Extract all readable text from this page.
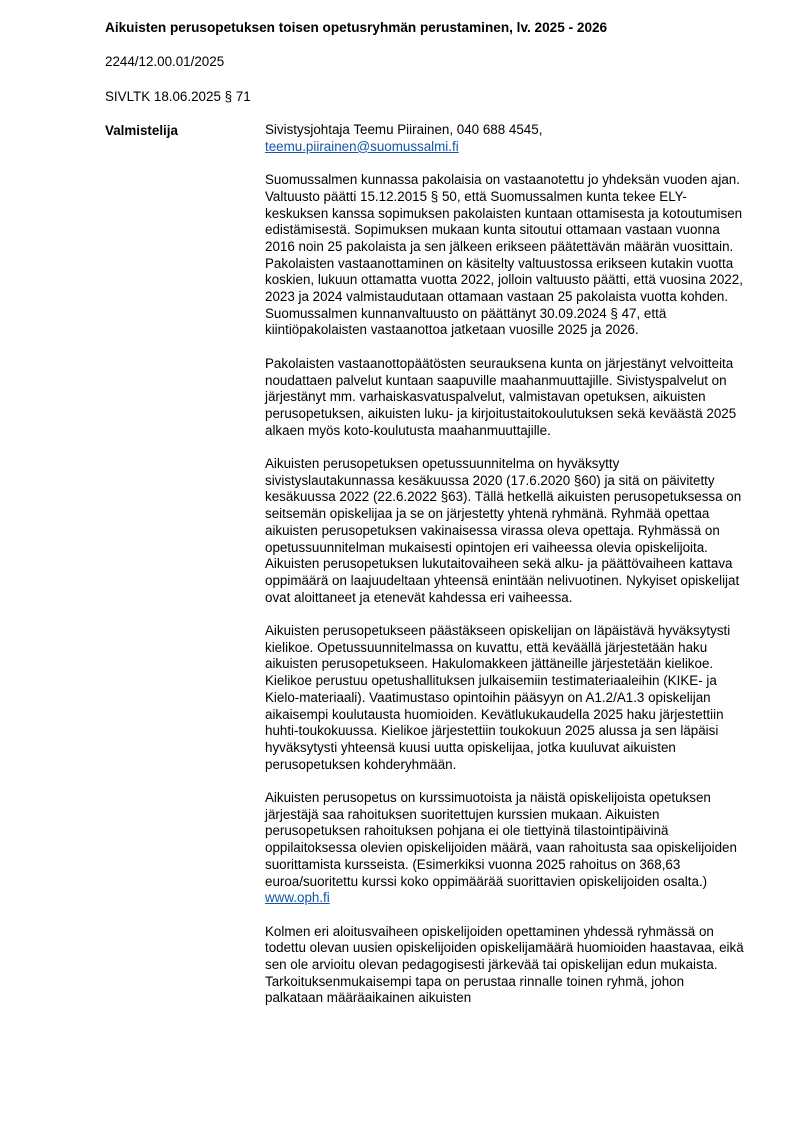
Aikuisten perusopetuksen toisen opetusryhmän perustaminen, lv. 2025 - 2026

2244/12.00.01/2025

SIVLTK 18.06.2025 § 71

Valmistelija	Sivistysjohtaja Teemu Piirainen, 040 688 4545,
teemu.piirainen@suomussalmi.fi

Suomussalmen kunnassa pakolaisia on vastaanotettu jo yhdeksän vuoden ajan. Valtuusto päätti 15.12.2015 § 50, että Suomussalmen kunta tekee ELY-keskuksen kanssa sopimuksen pakolaisten kuntaan ottamisesta ja kotoutumisen edistämisestä. Sopimuksen mukaan kunta sitoutui ottamaan vastaan vuonna 2016 noin 25 pakolaista ja sen jälkeen erikseen päätettävän määrän vuosittain. Pakolaisten vastaanottaminen on käsitelty valtuustossa erikseen kutakin vuotta koskien, lukuun ottamatta vuotta 2022, jolloin valtuusto päätti, että vuosina 2022, 2023 ja 2024 valmistaudutaan ottamaan vastaan 25 pakolaista vuotta kohden. Suomussalmen kunnanvaltuusto on päättänyt 30.09.2024 § 47, että kiintiöpakolaisten vastaanottoa jatketaan vuosille 2025 ja 2026.

Pakolaisten vastaanottopäätösten seurauksena kunta on järjestänyt velvoitteita noudattaen palvelut kuntaan saapuville maahanmuuttajille. Sivistyspalvelut on järjestänyt mm. varhaiskasvatuspalvelut, valmistavan opetuksen, aikuisten perusopetuksen, aikuisten luku- ja kirjoitustaitokoulutuksen sekä keväästä 2025 alkaen myös koto-koulutusta maahanmuuttajille.

Aikuisten perusopetuksen opetussuunnitelma on hyväksytty sivistyslautakunnassa kesäkuussa 2020 (17.6.2020 §60) ja sitä on päivitetty kesäkuussa 2022 (22.6.2022 §63). Tällä hetkellä aikuisten perusopetuksessa on seitsemän opiskelijaa ja se on järjestetty yhtenä ryhmänä. Ryhmää opettaa aikuisten perusopetuksen vakinaisessa virassa oleva opettaja. Ryhmässä on opetussuunnitelman mukaisesti opintojen eri vaiheessa olevia opiskelijoita. Aikuisten perusopetuksen lukutaitovaiheen sekä alku- ja päättövaiheen kattava oppimäärä on laajuudeltaan yhteensä enintään nelivuotinen. Nykyiset opiskelijat ovat aloittaneet ja etenevät kahdessa eri vaiheessa.

Aikuisten perusopetukseen päästäkseen opiskelijan on läpäistävä hyväksytysti kielikoe. Opetussuunnitelmassa on kuvattu, että keväällä järjestetään haku aikuisten perusopetukseen. Hakulomakkeen jättäneille järjestetään kielikoe. Kielikoe perustuu opetushallituksen julkaisemiin testimateriaaleihin (KIKE- ja Kielo-materiaali). Vaatimustaso opintoihin pääsyyn on A1.2/A1.3 opiskelijan aikaisempi koulutausta huomioiden. Kevätlukukaudella 2025 haku järjestettiin huhti-toukokuussa. Kielikoe järjestettiin toukokuun 2025 alussa ja sen läpäisi hyväksytysti yhteensä kuusi uutta opiskelijaa, jotka kuuluvat aikuisten perusopetuksen kohderyhmään.

Aikuisten perusopetus on kurssimuotoista ja näistä opiskelijoista opetuksen järjestäjä saa rahoituksen suoritettujen kurssien mukaan. Aikuisten perusopetuksen rahoituksen pohjana ei ole tiettyinä tilastointipäivinä oppilaitoksessa olevien opiskelijoiden määrä, vaan rahoitusta saa opiskelijoiden suorittamista kursseista. (Esimerkiksi vuonna 2025 rahoitus on 368,63 euroa/suoritettu kurssi koko oppimäärää suorittavien opiskelijoiden osalta.) www.oph.fi

Kolmen eri aloitusvaiheen opiskelijoiden opettaminen yhdessä ryhmässä on todettu olevan uusien opiskelijoiden opiskelijamäärä huomioiden haastavaa, eikä sen ole arvioitu olevan pedagogisesti järkevää tai opiskelijan edun mukaista. Tarkoituksenmukaisempi tapa on perustaa rinnalle toinen ryhmä, johon palkataan määräaikainen aikuisten
